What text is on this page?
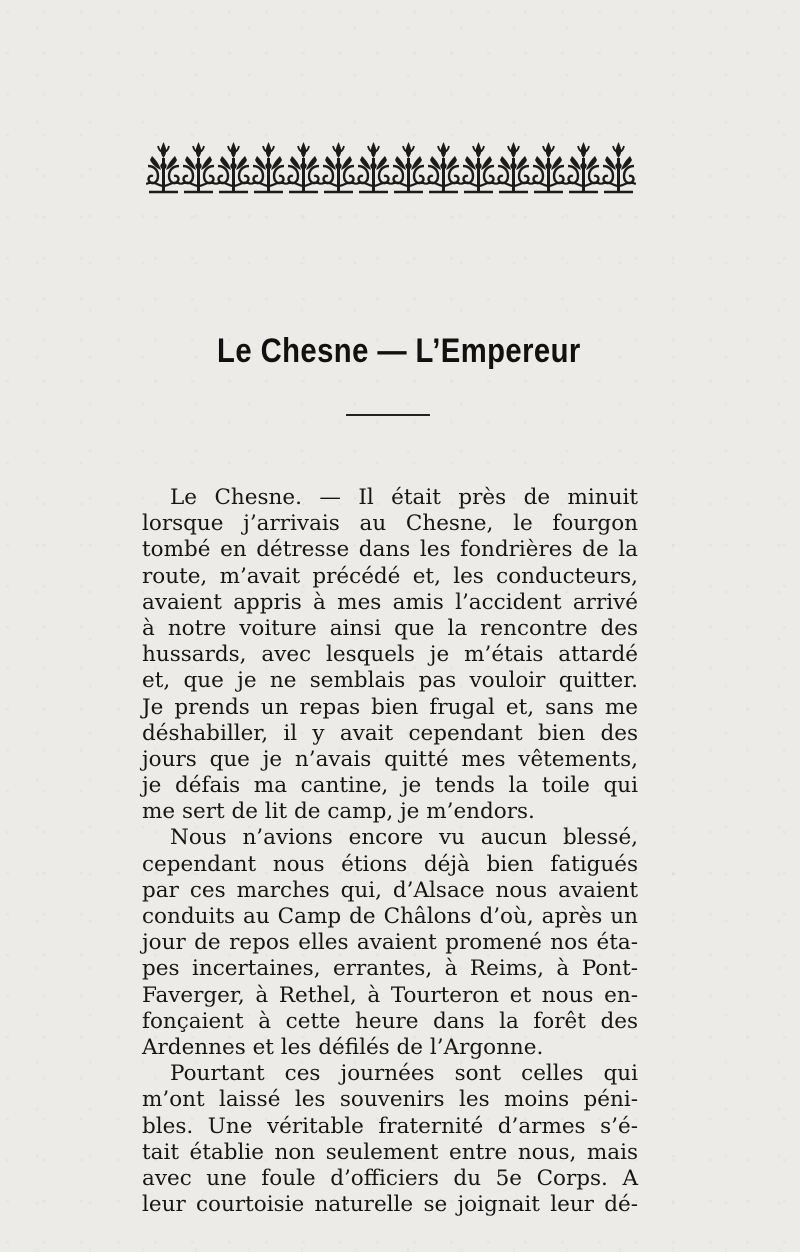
Le Chesne — L’Empereur
Le Chesne. — Il était près de minuit
lorsque j’arrivais au Chesne, le fourgon
tombé en détresse dans les fondrières de la
route, m’avait précédé et, les conducteurs,
avaient appris à mes amis l’accident arrivé
à notre voiture ainsi que la rencontre des
hussards, avec lesquels je m’étais attardé
et, que je ne semblais pas vouloir quitter.
Je prends un repas bien frugal et, sans me
déshabiller, il y avait cependant bien des
jours que je n’avais quitté mes vêtements,
je défais ma cantine, je tends la toile qui
me sert de lit de camp, je m’endors.
Nous n’avions encore vu aucun blessé,
cependant nous étions déjà bien fatigués
par ces marches qui, d’Alsace nous avaient
conduits au Camp de Châlons d’où, après un
jour de repos elles avaient promené nos éta-
pes incertaines, errantes, à Reims, à Pont-
Faverger, à Rethel, à Tourteron et nous en-
fonçaient à cette heure dans la forêt des
Ardennes et les défilés de l’Argonne.
Pourtant ces journées sont celles qui
m’ont laissé les souvenirs les moins péni-
bles. Une véritable fraternité d’armes s’é-
tait établie non seulement entre nous, mais
avec une foule d’officiers du 5e Corps. A
leur courtoisie naturelle se joignait leur dé-
